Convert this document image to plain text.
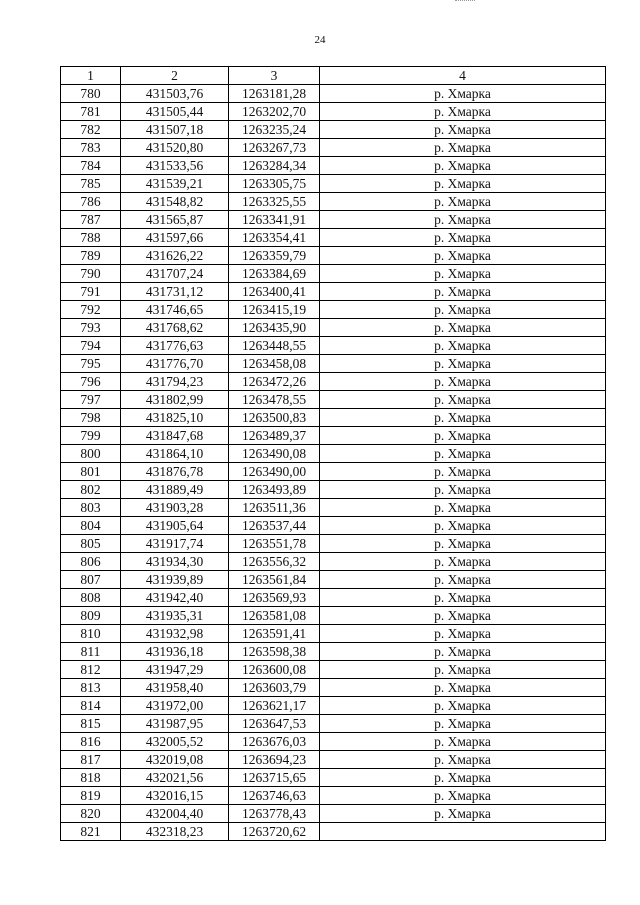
24
1	2	3	4
780	431503,76	1263181,28	р. Хмарка
781	431505,44	1263202,70	р. Хмарка
782	431507,18	1263235,24	р. Хмарка
783	431520,80	1263267,73	р. Хмарка
784	431533,56	1263284,34	р. Хмарка
785	431539,21	1263305,75	р. Хмарка
786	431548,82	1263325,55	р. Хмарка
787	431565,87	1263341,91	р. Хмарка
788	431597,66	1263354,41	р. Хмарка
789	431626,22	1263359,79	р. Хмарка
790	431707,24	1263384,69	р. Хмарка
791	431731,12	1263400,41	р. Хмарка
792	431746,65	1263415,19	р. Хмарка
793	431768,62	1263435,90	р. Хмарка
794	431776,63	1263448,55	р. Хмарка
795	431776,70	1263458,08	р. Хмарка
796	431794,23	1263472,26	р. Хмарка
797	431802,99	1263478,55	р. Хмарка
798	431825,10	1263500,83	р. Хмарка
799	431847,68	1263489,37	р. Хмарка
800	431864,10	1263490,08	р. Хмарка
801	431876,78	1263490,00	р. Хмарка
802	431889,49	1263493,89	р. Хмарка
803	431903,28	1263511,36	р. Хмарка
804	431905,64	1263537,44	р. Хмарка
805	431917,74	1263551,78	р. Хмарка
806	431934,30	1263556,32	р. Хмарка
807	431939,89	1263561,84	р. Хмарка
808	431942,40	1263569,93	р. Хмарка
809	431935,31	1263581,08	р. Хмарка
810	431932,98	1263591,41	р. Хмарка
811	431936,18	1263598,38	р. Хмарка
812	431947,29	1263600,08	р. Хмарка
813	431958,40	1263603,79	р. Хмарка
814	431972,00	1263621,17	р. Хмарка
815	431987,95	1263647,53	р. Хмарка
816	432005,52	1263676,03	р. Хмарка
817	432019,08	1263694,23	р. Хмарка
818	432021,56	1263715,65	р. Хмарка
819	432016,15	1263746,63	р. Хмарка
820	432004,40	1263778,43	р. Хмарка
821	432318,23	1263720,62	
